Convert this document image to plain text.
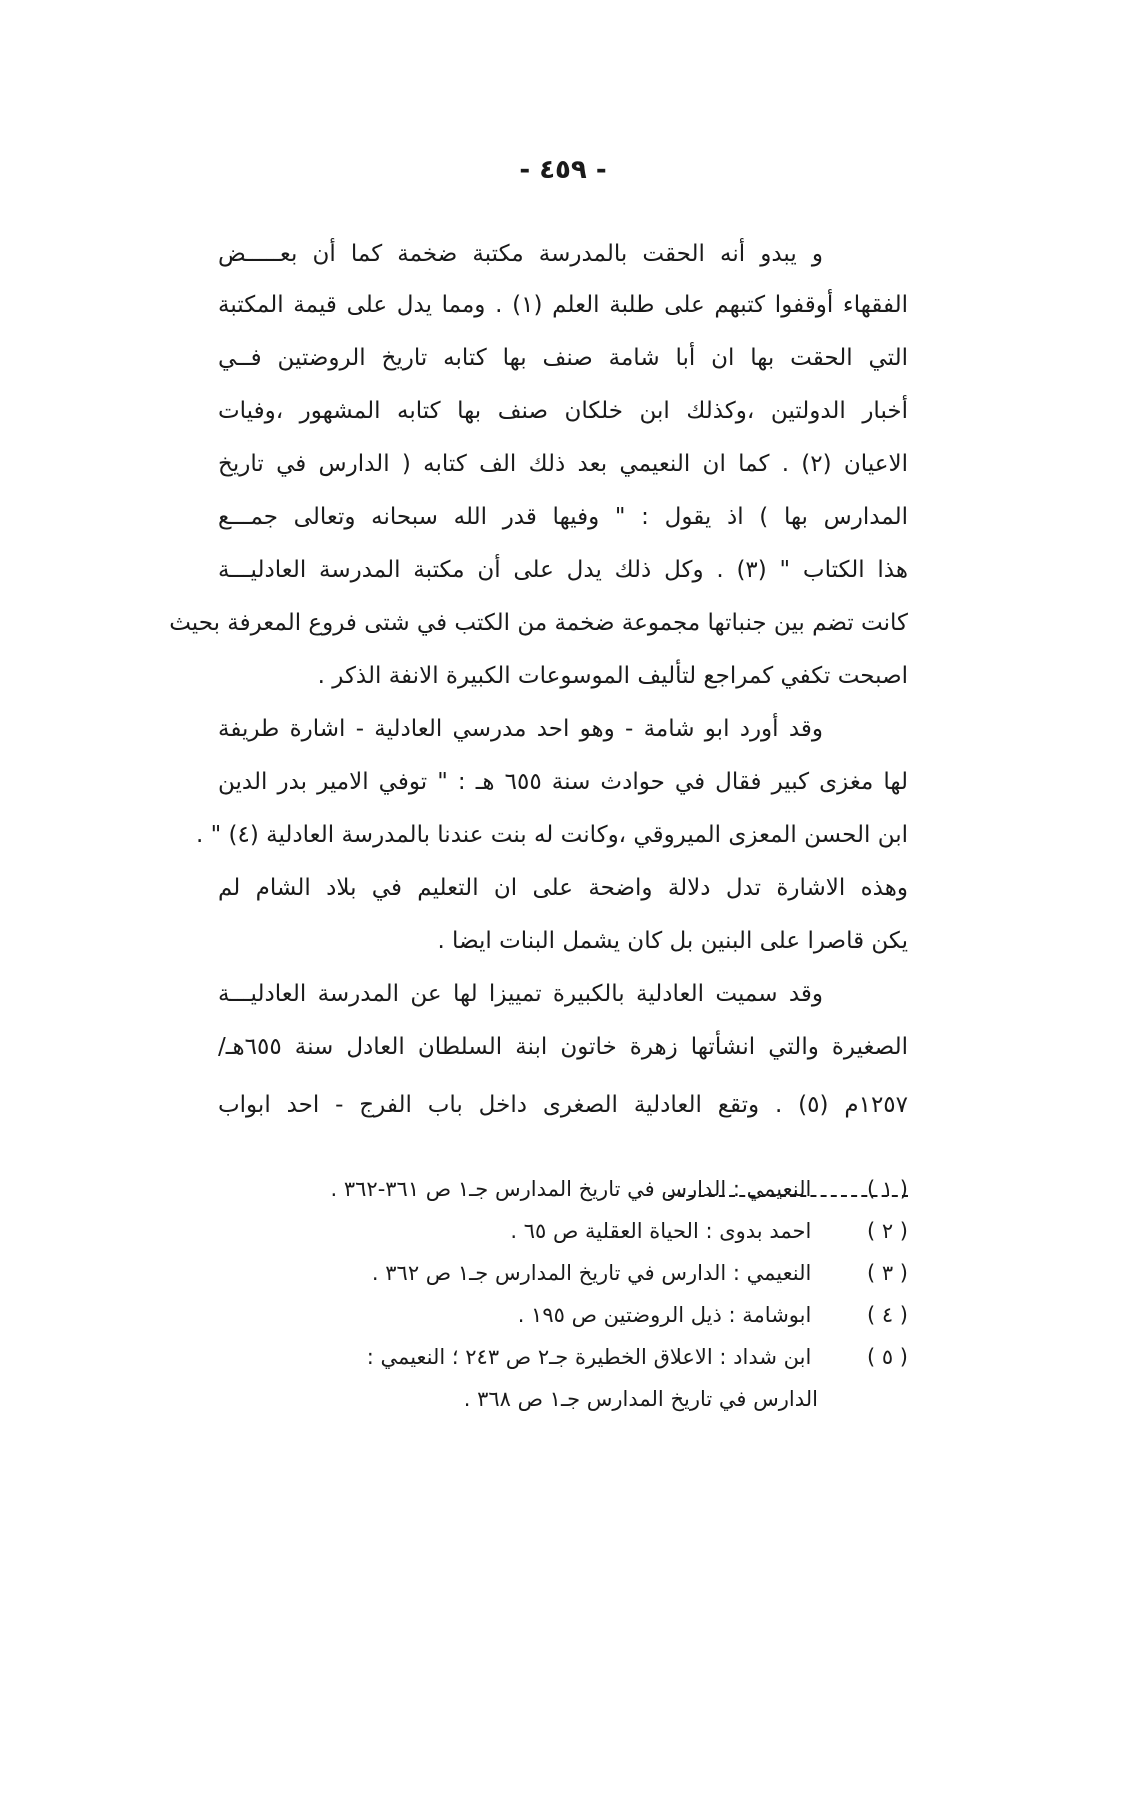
- ٤٥٩ -
و يبدو أنه الحقت بالمدرسة مكتبة ضخمة كما أن بعـــــض
الفقهاء أوقفوا كتبهم على طلبة العلم (١) . ومما يدل على قيمة المكتبة
التي الحقت بها ان أبا شامة صنف بها كتابه تاريخ الروضتين فــي
أخبار الدولتين ،وكذلك ابن خلكان صنف بها كتابه المشهور ،وفيات
الاعيان (٢) . كما ان النعيمي بعد ذلك الف كتابه ( الدارس في تاريخ
المدارس بها ) اذ يقول : " وفيها قدر الله سبحانه وتعالى جمـــع
هذا الكتاب " (٣) . وكل ذلك يدل على أن مكتبة المدرسة العادليـــة
كانت تضم بين جنباتها مجموعة ضخمة من الكتب في شتى فروع المعرفة بحيث
اصبحت تكفي كمراجع لتأليف الموسوعات الكبيرة الانفة الذكر .
وقد أورد ابو شامة - وهو احد مدرسي العادلية - اشارة طريفة
لها مغزى كبير فقال في حوادث سنة ٦٥٥ هـ : " توفي الامير بدر الدين
ابن الحسن المعزى الميروقي ،وكانت له بنت عندنا بالمدرسة العادلية (٤) " .
وهذه الاشارة تدل دلالة واضحة على ان التعليم في بلاد الشام لم
يكن قاصرا على البنين بل كان يشمل البنات ايضا .
وقد سميت العادلية بالكبيرة تمييزا لها عن المدرسة العادليـــة
الصغيرة والتي انشأتها زهرة خاتون ابنة السلطان العادل سنة ٦٥٥هـ/
١٢٥٧م (٥) . وتقع العادلية الصغرى داخل باب الفرج - احد ابواب
( ١ ) النعيمي : الدارس في تاريخ المدارس جـ١ ص ٣٦١-٣٦٢ .
( ٢ ) احمد بدوى : الحياة العقلية ص ٦٥ .
( ٣ ) النعيمي : الدارس في تاريخ المدارس جـ١ ص ٣٦٢ .
( ٤ ) ابوشامة : ذيل الروضتين ص ١٩٥ .
( ٥ ) ابن شداد : الاعلاق الخطيرة جـ٢ ص ٢٤٣ ؛ النعيمي :
الدارس في تاريخ المدارس جـ١ ص ٣٦٨ .
